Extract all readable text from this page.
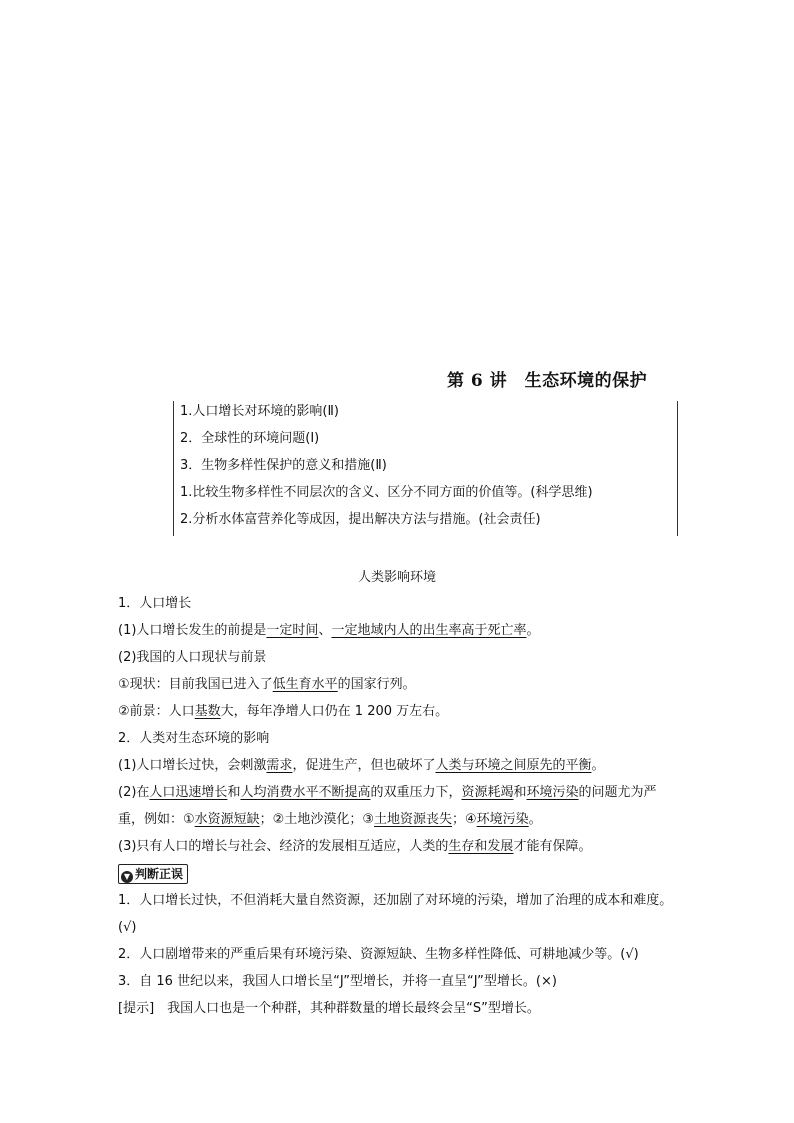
第 6 讲　生态环境的保护
1.人口增长对环境的影响(Ⅱ)
2．全球性的环境问题(Ⅰ)
3．生物多样性保护的意义和措施(Ⅱ)
1.比较生物多样性不同层次的含义、区分不同方面的价值等。(科学思维)
2.分析水体富营养化等成因，提出解决方法与措施。(社会责任)
人类影响环境
1．人口增长
(1)人口增长发生的前提是一定时间、一定地域内人的出生率高于死亡率。
(2)我国的人口现状与前景
①现状：目前我国已进入了低生育水平的国家行列。
②前景：人口基数大，每年净增人口仍在 1 200 万左右。
2．人类对生态环境的影响
(1)人口增长过快，会刺激需求，促进生产，但也破坏了人类与环境之间原先的平衡。
(2)在人口迅速增长和人均消费水平不断提高的双重压力下，资源耗竭和环境污染的问题尤为严重，例如：①水资源短缺；②土地沙漠化；③土地资源丧失；④环境污染。
(3)只有人口的增长与社会、经济的发展相互适应，人类的生存和发展才能有保障。
▼ 判断正误
1．人口增长过快，不但消耗大量自然资源，还加剧了对环境的污染，增加了治理的成本和难度。(√)
2．人口剧增带来的严重后果有环境污染、资源短缺、生物多样性降低、可耕地减少等。(√)
3．自 16 世纪以来，我国人口增长呈“J”型增长，并将一直呈“J”型增长。(×)
[提示]　我国人口也是一个种群，其种群数量的增长最终会呈“S”型增长。
